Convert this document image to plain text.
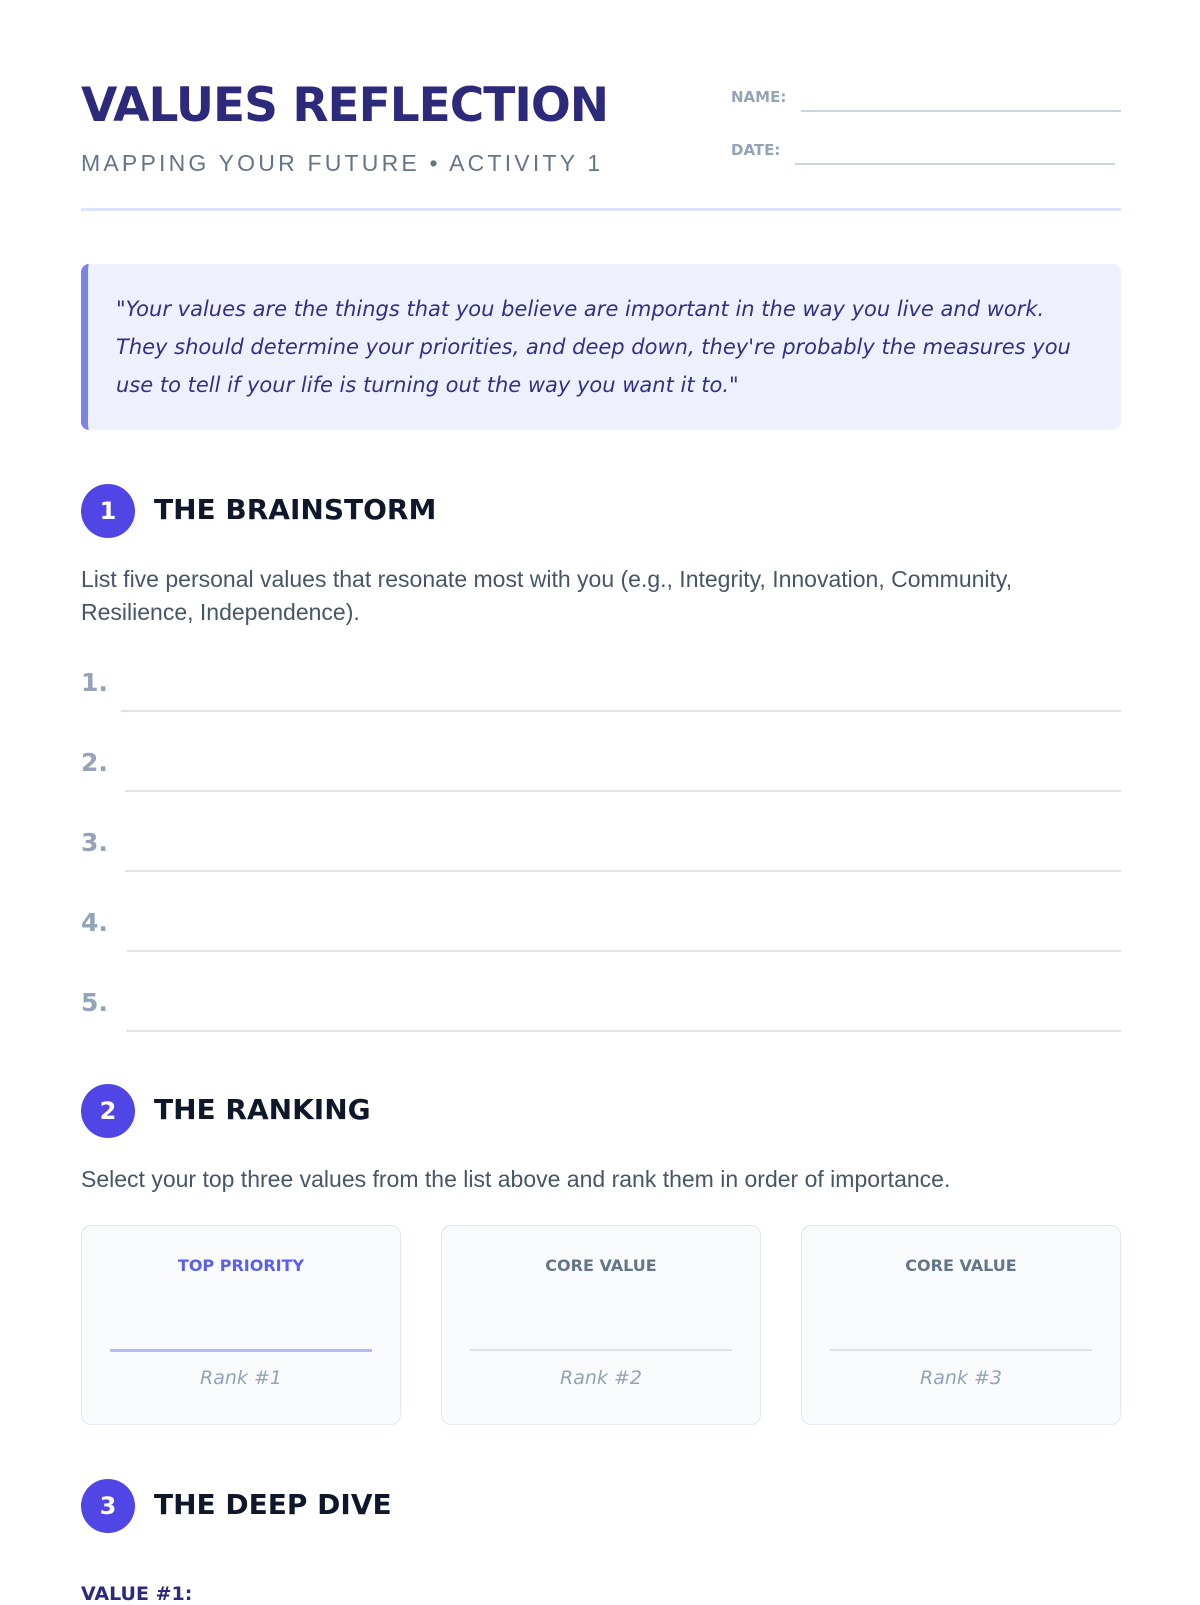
VALUES REFLECTION
MAPPING YOUR FUTURE • ACTIVITY 1
NAME:
DATE:

"Your values are the things that you believe are important in the way you live and work. They should determine your priorities, and deep down, they're probably the measures you use to tell if your life is turning out the way you want it to."

1	THE BRAINSTORM

List five personal values that resonate most with you (e.g., Integrity, Innovation, Community, Resilience, Independence).

1.
2.
3.
4.
5.
2	THE RANKING

Select your top three values from the list above and rank them in order of importance.

TOP PRIORITY
Rank #1
CORE VALUE
Rank #2
CORE VALUE
Rank #3
3	THE DEEP DIVE
VALUE #1:
